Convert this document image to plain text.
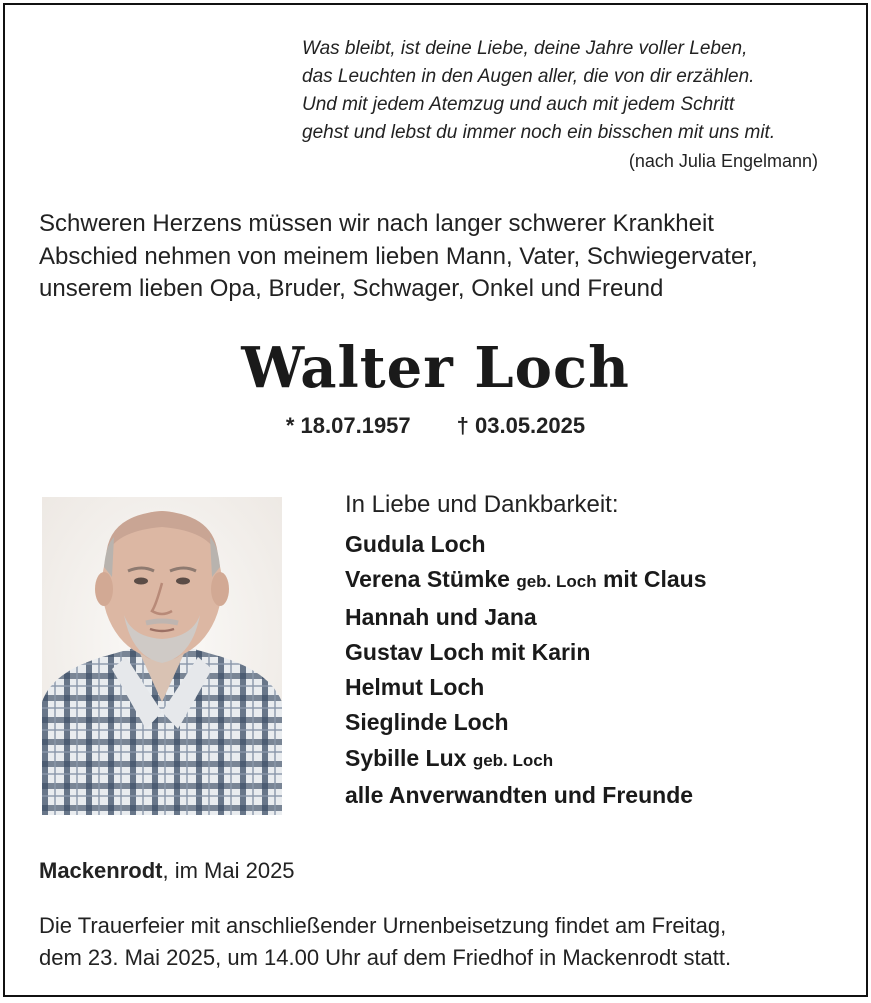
Was bleibt, ist deine Liebe, deine Jahre voller Leben,
das Leuchten in den Augen aller, die von dir erzählen.
Und mit jedem Atemzug und auch mit jedem Schritt
gehst und lebst du immer noch ein bisschen mit uns mit.
(nach Julia Engelmann)
Schweren Herzens müssen wir nach langer schwerer Krankheit
Abschied nehmen von meinem lieben Mann, Vater, Schwiegervater,
unserem lieben Opa, Bruder, Schwager, Onkel und Freund
Walter Loch
* 18.07.1957 † 03.05.2025
In Liebe und Dankbarkeit:
Gudula Loch
Verena Stümke geb. Loch mit Claus
Hannah und Jana
Gustav Loch mit Karin
Helmut Loch
Sieglinde Loch
Sybille Lux geb. Loch
alle Anverwandten und Freunde
Mackenrodt, im Mai 2025
Die Trauerfeier mit anschließender Urnenbeisetzung findet am Freitag,
dem 23. Mai 2025, um 14.00 Uhr auf dem Friedhof in Mackenrodt statt.
